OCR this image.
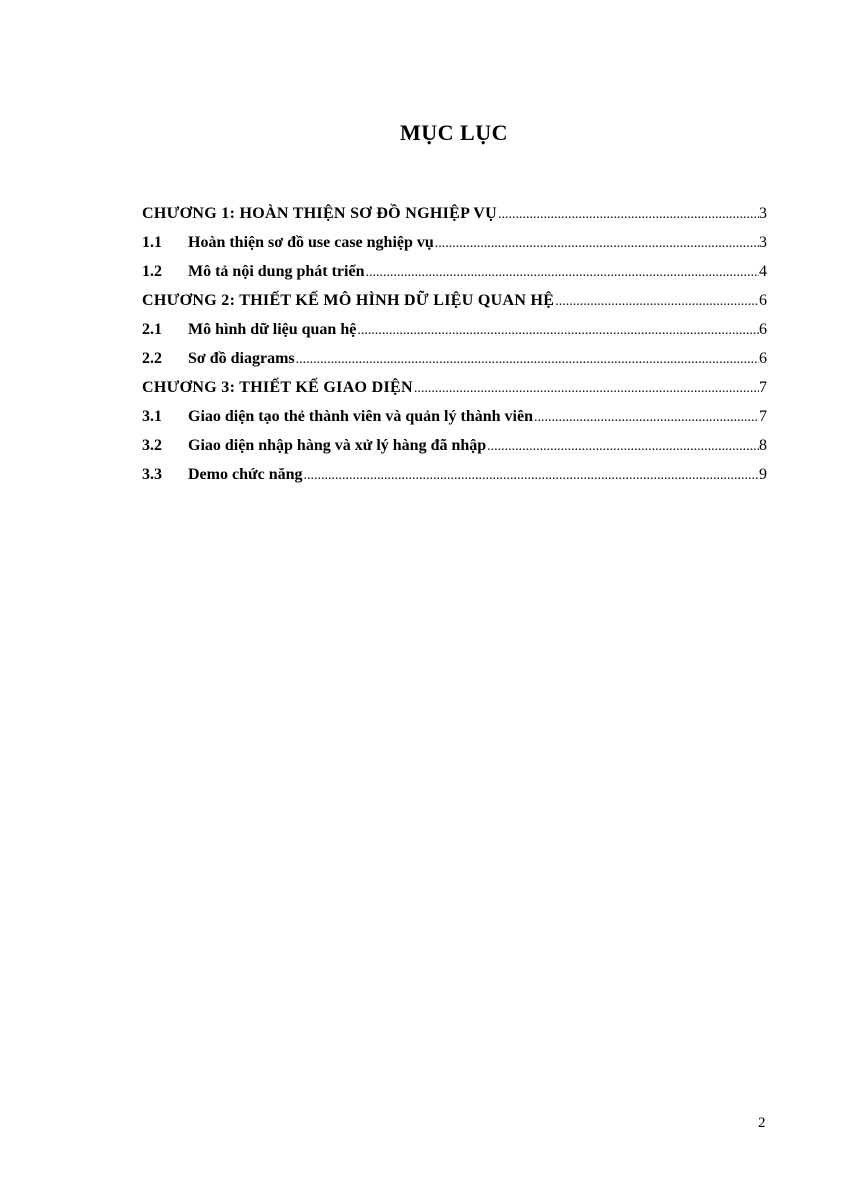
MỤC LỤC
CHƯƠNG 1: HOÀN THIỆN SƠ ĐỒ NGHIỆP VỤ .....	3
1.1	Hoàn thiện sơ đồ use case nghiệp vụ .....	3
1.2	Mô tả nội dung phát triển .....	4
CHƯƠNG 2: THIẾT KẾ MÔ HÌNH DỮ LIỆU QUAN HỆ .....	6
2.1	Mô hình dữ liệu quan hệ .....	6
2.2	Sơ đồ diagrams .....	6
CHƯƠNG 3: THIẾT KẾ GIAO DIỆN .....	7
3.1	Giao diện tạo thẻ thành viên và quản lý thành viên .....	7
3.2	Giao diện nhập hàng và xử lý hàng đã nhập .....	8
3.3	Demo chức năng .....	9
2
